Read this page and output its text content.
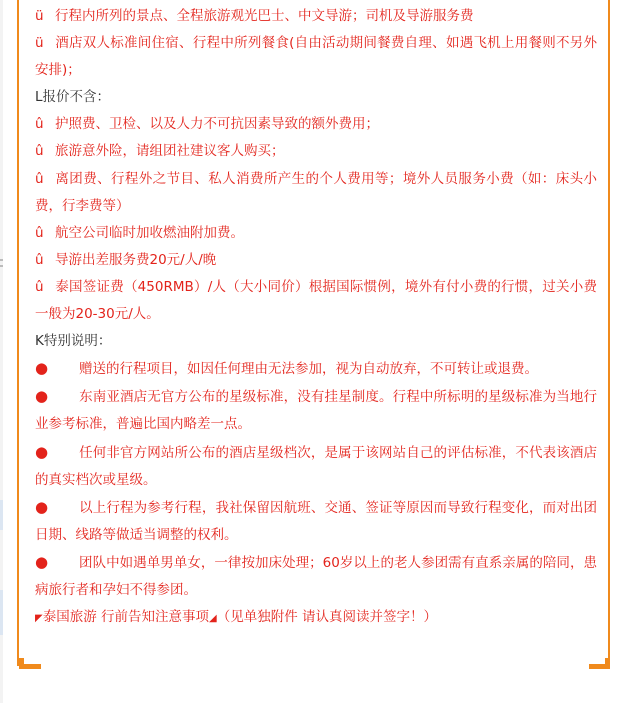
ü 行程内所列的景点、全程旅游观光巴士、中文导游；司机及导游服务费

ü 酒店双人标准间住宿、行程中所列餐食(自由活动期间餐费自理、如遇飞机上用餐则不另外安排)；

L报价不含：

û 护照费、卫检、以及人力不可抗因素导致的额外费用；

û 旅游意外险，请组团社建议客人购买；

û 离团费、行程外之节目、私人消费所产生的个人费用等；境外人员服务小费（如：床头小费，行李费等）

û 航空公司临时加收燃油附加费。

û 导游出差服务费20元/人/晚

û 泰国签证费（450RMB）/人（大小同价）根据国际惯例，境外有付小费的行惯，过关小费一般为20-30元/人。

K特别说明：

● 赠送的行程项目，如因任何理由无法参加，视为自动放弃，不可转让或退费。

● 东南亚酒店无官方公布的星级标准，没有挂星制度。行程中所标明的星级标准为当地行业参考标准，普遍比国内略差一点。

● 任何非官方网站所公布的酒店星级档次，是属于该网站自己的评估标准，不代表该酒店的真实档次或星级。

● 以上行程为参考行程，我社保留因航班、交通、签证等原因而导致行程变化，而对出团日期、线路等做适当调整的权利。

● 团队中如遇单男单女，一律按加床处理；60岁以上的老人参团需有直系亲属的陪同，患病旅行者和孕妇不得参团。

◤泰国旅游 行前告知注意事项◢（见单独附件 请认真阅读并签字！）
